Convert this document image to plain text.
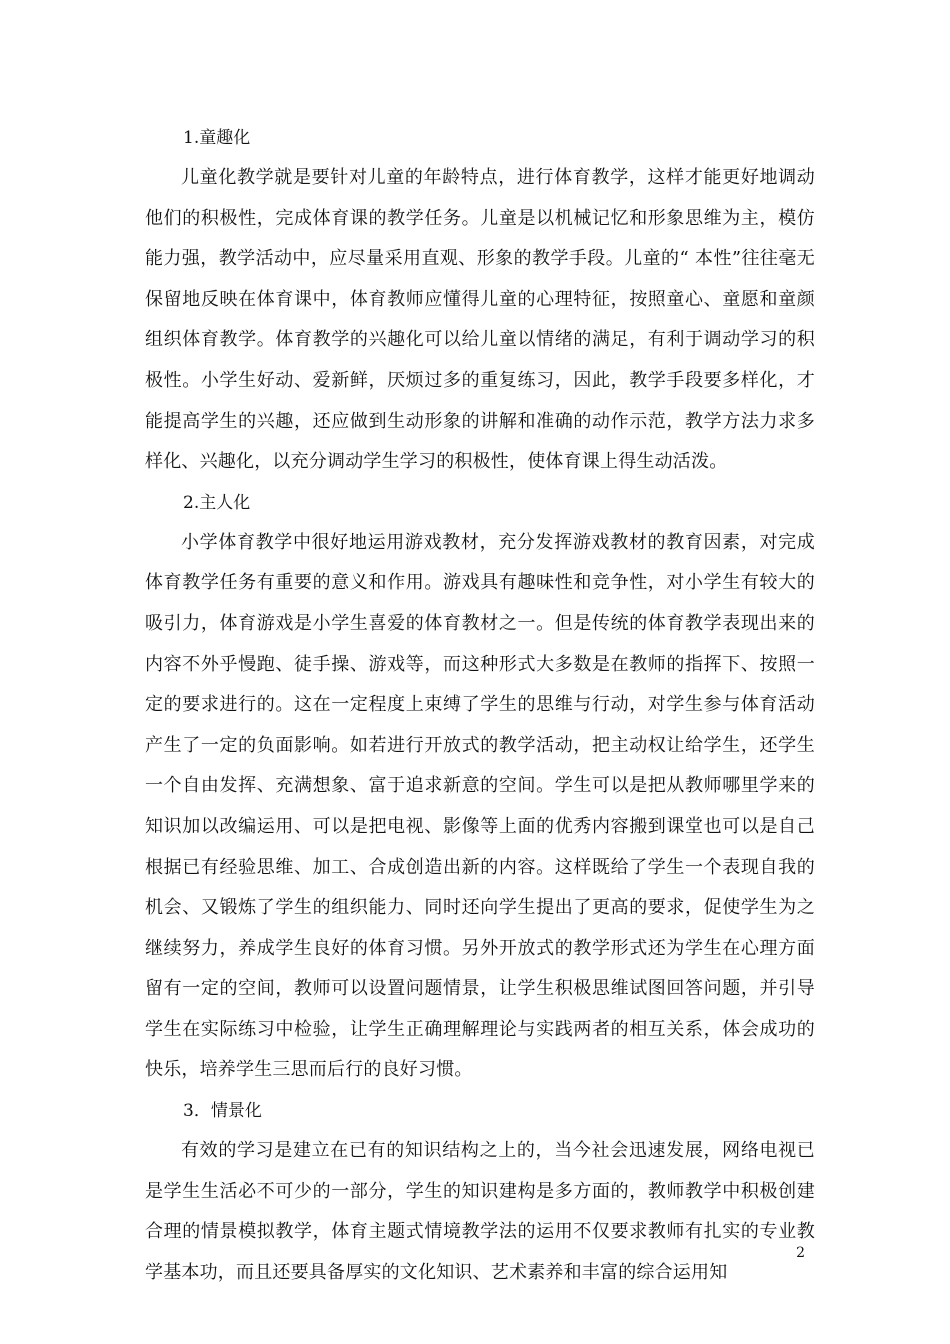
1.童趣化

儿童化教学就是要针对儿童的年龄特点，进行体育教学，这样才能更好地调动他们的积极性，完成体育课的教学任务。儿童是以机械记忆和形象思维为主，模仿能力强，教学活动中，应尽量采用直观、形象的教学手段。儿童的“ 本性”往往毫无保留地反映在体育课中，体育教师应懂得儿童的心理特征，按照童心、童愿和童颜组织体育教学。体育教学的兴趣化可以给儿童以情绪的满足，有利于调动学习的积极性。小学生好动、爱新鲜，厌烦过多的重复练习，因此，教学手段要多样化，才能提高学生的兴趣，还应做到生动形象的讲解和准确的动作示范，教学方法力求多样化、兴趣化，以充分调动学生学习的积极性，使体育课上得生动活泼。

2.主人化

小学体育教学中很好地运用游戏教材，充分发挥游戏教材的教育因素，对完成体育教学任务有重要的意义和作用。游戏具有趣味性和竞争性，对小学生有较大的吸引力，体育游戏是小学生喜爱的体育教材之一。但是传统的体育教学表现出来的内容不外乎慢跑、徒手操、游戏等，而这种形式大多数是在教师的指挥下、按照一定的要求进行的。这在一定程度上束缚了学生的思维与行动，对学生参与体育活动产生了一定的负面影响。如若进行开放式的教学活动，把主动权让给学生，还学生一个自由发挥、充满想象、富于追求新意的空间。学生可以是把从教师哪里学来的知识加以改编运用、可以是把电视、影像等上面的优秀内容搬到课堂也可以是自己根据已有经验思维、加工、合成创造出新的内容。这样既给了学生一个表现自我的机会、又锻炼了学生的组织能力、同时还向学生提出了更高的要求，促使学生为之继续努力，养成学生良好的体育习惯。另外开放式的教学形式还为学生在心理方面留有一定的空间，教师可以设置问题情景，让学生积极思维试图回答问题，并引导学生在实际练习中检验，让学生正确理解理论与实践两者的相互关系，体会成功的快乐，培养学生三思而后行的良好习惯。

3．情景化

有效的学习是建立在已有的知识结构之上的，当今社会迅速发展，网络电视已是学生生活必不可少的一部分，学生的知识建构是多方面的，教师教学中积极创建合理的情景模拟教学，体育主题式情境教学法的运用不仅要求教师有扎实的专业教学基本功，而且还要具备厚实的文化知识、艺术素养和丰富的综合运用知

2
